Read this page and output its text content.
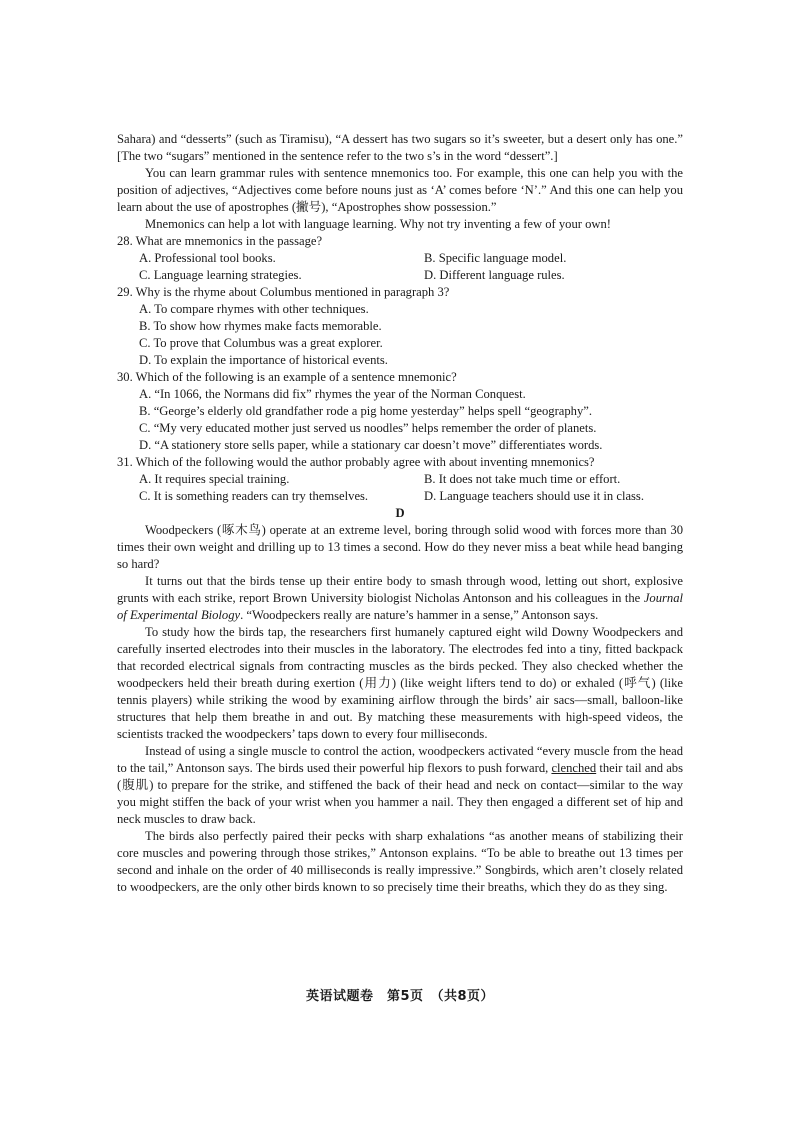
Sahara) and “desserts” (such as Tiramisu), “A dessert has two sugars so it’s sweeter, but a desert only has one.” [The two “sugars” mentioned in the sentence refer to the two s’s in the word “dessert”.]

You can learn grammar rules with sentence mnemonics too. For example, this one can help you with the position of adjectives, “Adjectives come before nouns just as ‘A’ comes before ‘N’.” And this one can help you learn about the use of apostrophes (撇号), “Apostrophes show possession.”

Mnemonics can help a lot with language learning. Why not try inventing a few of your own!

28. What are mnemonics in the passage?

A. Professional tool books.	B. Specific language model.
C. Language learning strategies.	D. Different language rules.

29. Why is the rhyme about Columbus mentioned in paragraph 3?

A. To compare rhymes with other techniques.

B. To show how rhymes make facts memorable.

C. To prove that Columbus was a great explorer.

D. To explain the importance of historical events.

30. Which of the following is an example of a sentence mnemonic?

A. “In 1066, the Normans did fix” rhymes the year of the Norman Conquest.

B. “George’s elderly old grandfather rode a pig home yesterday” helps spell “geography”.

C. “My very educated mother just served us noodles” helps remember the order of planets.

D. “A stationery store sells paper, while a stationary car doesn’t move” differentiates words.

31. Which of the following would the author probably agree with about inventing mnemonics?

A. It requires special training.	B. It does not take much time or effort.
C. It is something readers can try themselves.	D. Language teachers should use it in class.

D

Woodpeckers (啄木鸟) operate at an extreme level, boring through solid wood with forces more than 30 times their own weight and drilling up to 13 times a second. How do they never miss a beat while head banging so hard?

It turns out that the birds tense up their entire body to smash through wood, letting out short, explosive grunts with each strike, report Brown University biologist Nicholas Antonson and his colleagues in the Journal of Experimental Biology. “Woodpeckers really are nature’s hammer in a sense,” Antonson says.

To study how the birds tap, the researchers first humanely captured eight wild Downy Woodpeckers and carefully inserted electrodes into their muscles in the laboratory. The electrodes fed into a tiny, fitted backpack that recorded electrical signals from contracting muscles as the birds pecked. They also checked whether the woodpeckers held their breath during exertion (用力) (like weight lifters tend to do) or exhaled (呼气) (like tennis players) while striking the wood by examining airflow through the birds’ air sacs—small, balloon-like structures that help them breathe in and out. By matching these measurements with high-speed videos, the scientists tracked the woodpeckers’ taps down to every four milliseconds.

Instead of using a single muscle to control the action, woodpeckers activated “every muscle from the head to the tail,” Antonson says. The birds used their powerful hip flexors to push forward, clenched their tail and abs (腹肌) to prepare for the strike, and stiffened the back of their head and neck on contact—similar to the way you might stiffen the back of your wrist when you hammer a nail. They then engaged a different set of hip and neck muscles to draw back.

The birds also perfectly paired their pecks with sharp exhalations “as another means of stabilizing their core muscles and powering through those strikes,” Antonson explains. “To be able to breathe out 13 times per second and inhale on the order of 40 milliseconds is really impressive.” Songbirds, which aren’t closely related to woodpeckers, are the only other birds known to so precisely time their breaths, which they do as they sing.

英语试题卷　第5页　（共8页）
